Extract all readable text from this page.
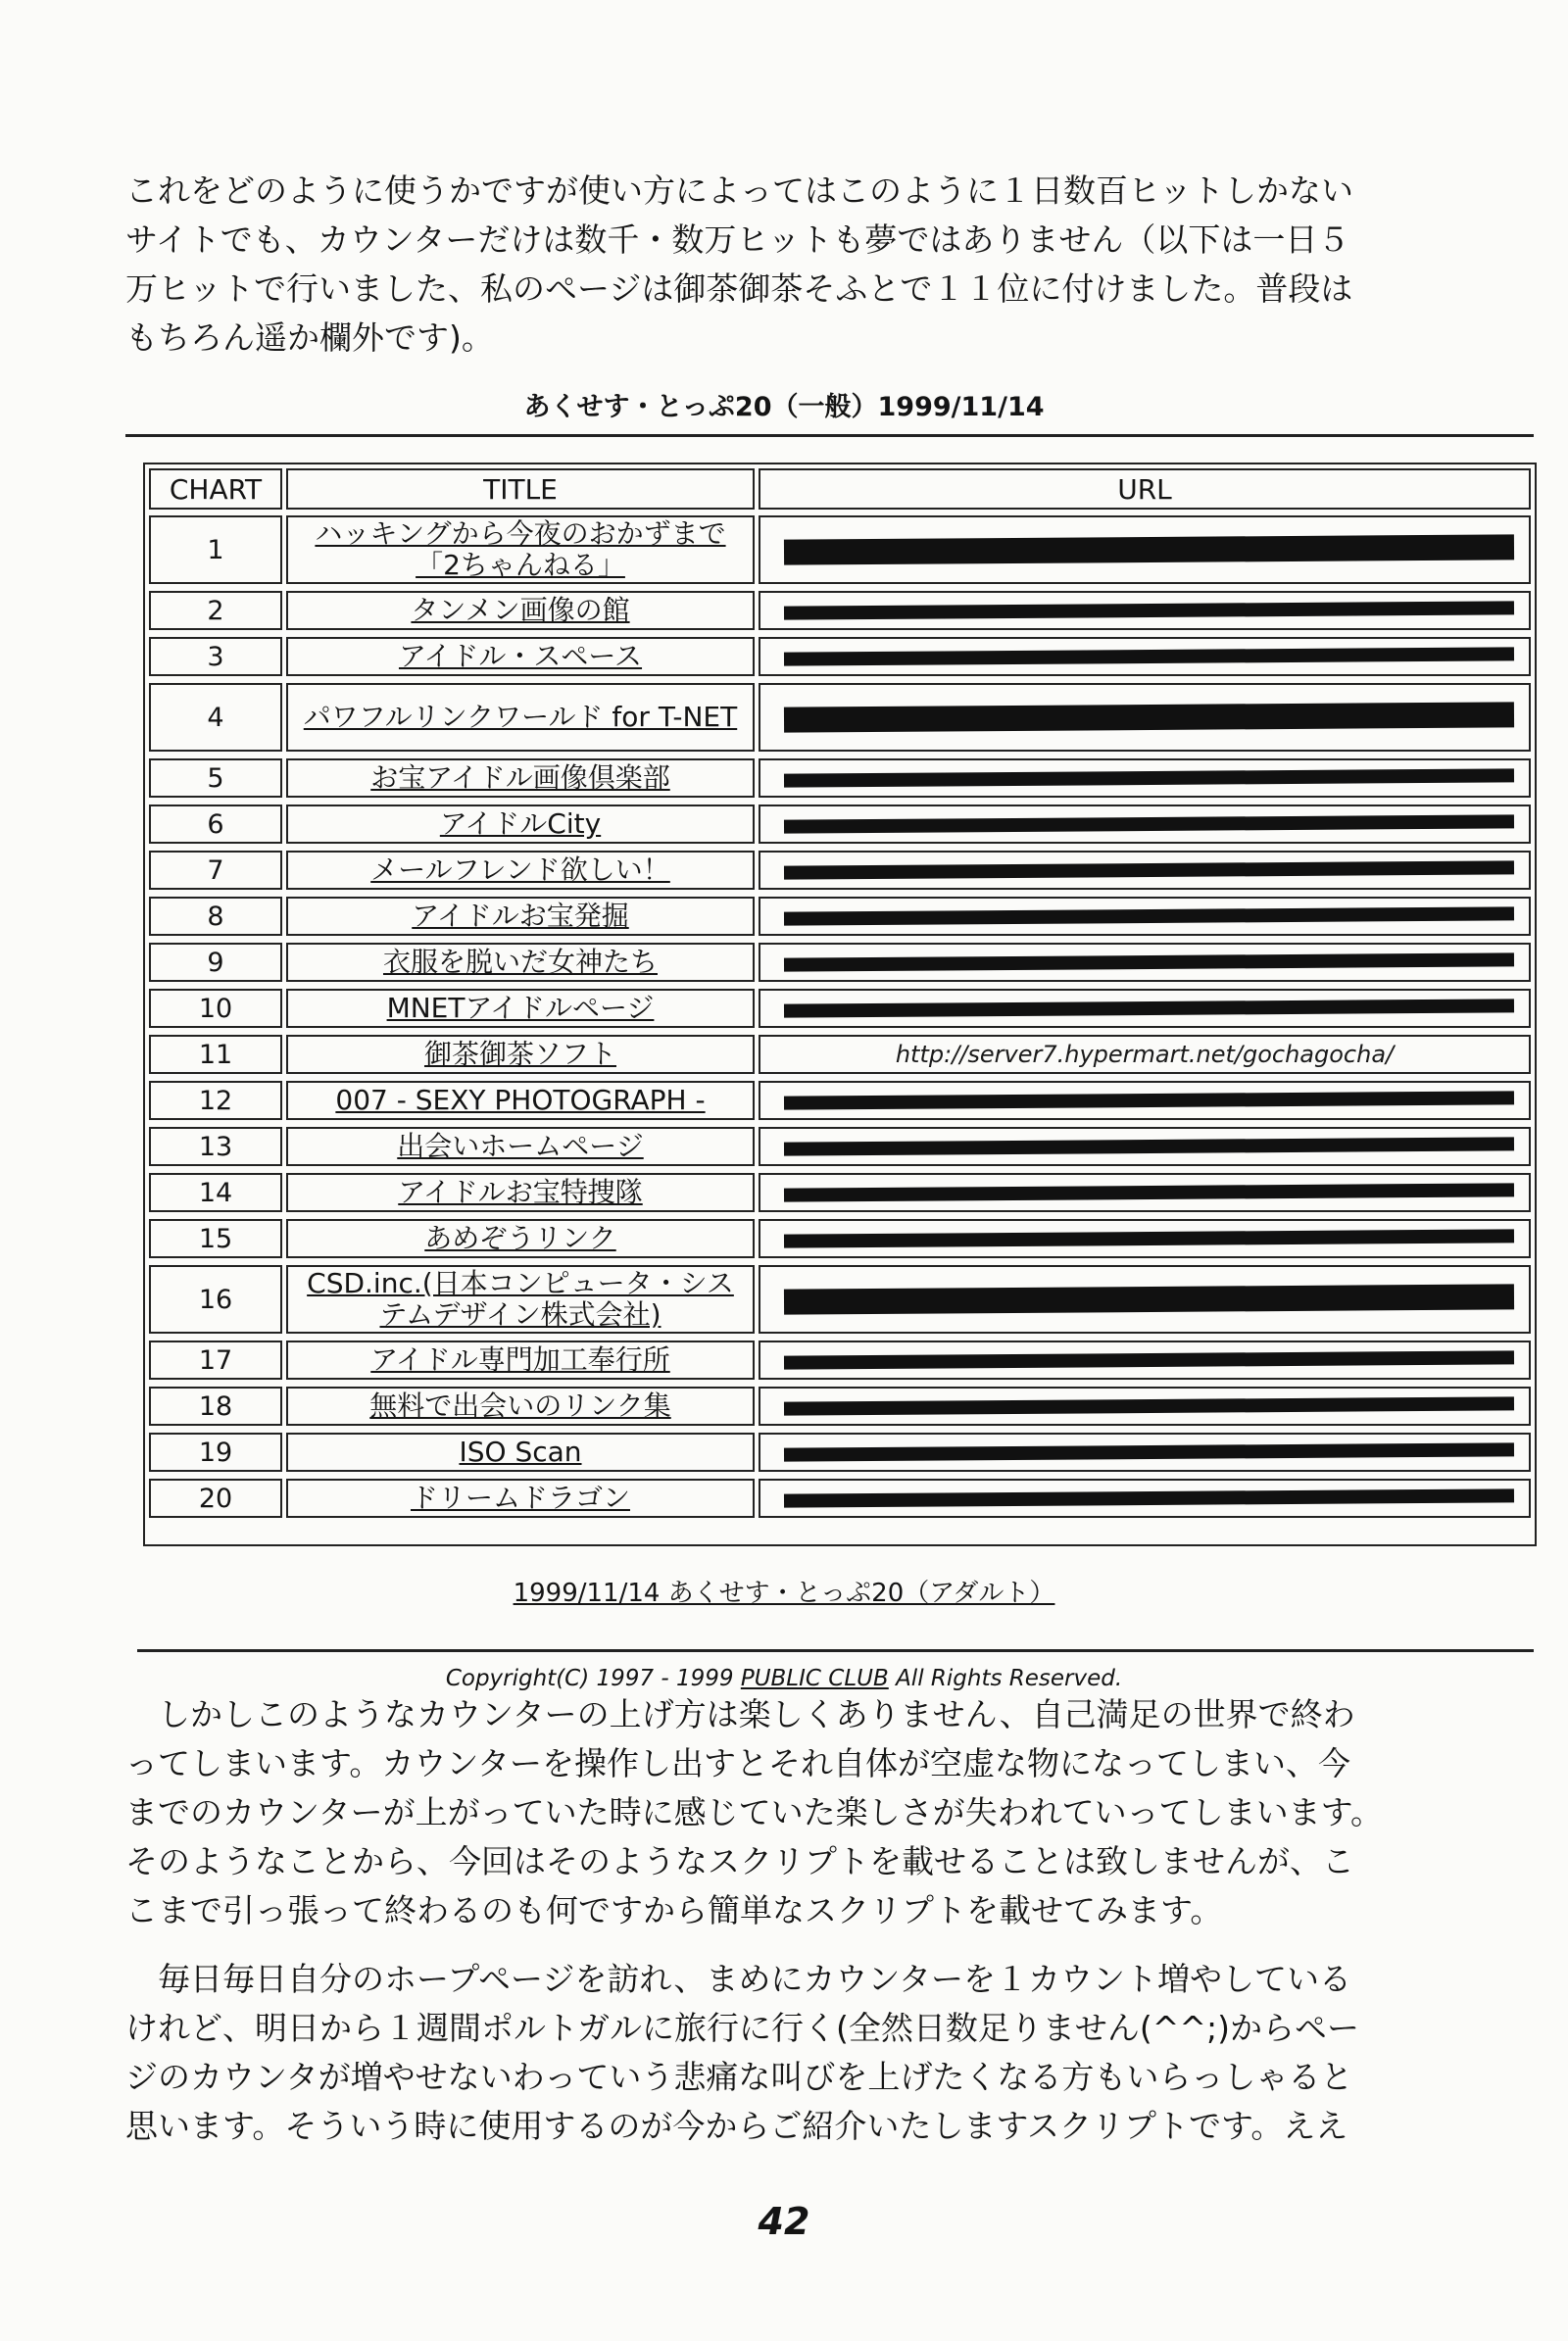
これをどのように使うかですが使い方によってはこのように１日数百ヒットしかない
サイトでも、カウンターだけは数千・数万ヒットも夢ではありません（以下は一日５
万ヒットで行いました、私のページは御茶御茶そふとで１１位に付けました。普段は
もちろん遥か欄外です)。
あくせす・とっぷ20（一般）1999/11/14
CHART	TITLE	URL
1	ハッキングから今夜のおかずまで「2ちゃんねる」
2	タンメン画像の館
3	アイドル・スペース
4	パワフルリンクワールド for T-NET
5	お宝アイドル画像倶楽部
6	アイドルCity
7	メールフレンド欲しい！
8	アイドルお宝発掘
9	衣服を脱いだ女神たち
10	MNETアイドルページ
11	御茶御茶ソフト	http://server7.hypermart.net/gochagocha/
12	007 - SEXY PHOTOGRAPH -
13	出会いホームページ
14	アイドルお宝特捜隊
15	あめぞうリンク
16	CSD.inc.(日本コンピュータ・システムデザイン株式会社)
17	アイドル専門加工奉行所
18	無料で出会いのリンク集
19	ISO Scan
20	ドリームドラゴン
1999/11/14 あくせす・とっぷ20（アダルト）
Copyright(C) 1997 - 1999 PUBLIC CLUB All Rights Reserved.
　しかしこのようなカウンターの上げ方は楽しくありません、自己満足の世界で終わ
ってしまいます。カウンターを操作し出すとそれ自体が空虚な物になってしまい、今
までのカウンターが上がっていた時に感じていた楽しさが失われていってしまいます。
そのようなことから、今回はそのようなスクリプトを載せることは致しませんが、こ
こまで引っ張って終わるのも何ですから簡単なスクリプトを載せてみます。
　毎日毎日自分のホープページを訪れ、まめにカウンターを１カウント増やしている
けれど、明日から１週間ポルトガルに旅行に行く(全然日数足りません(^^;)からペー
ジのカウンタが増やせないわっていう悲痛な叫びを上げたくなる方もいらっしゃると
思います。そういう時に使用するのが今からご紹介いたしますスクリプトです。ええ
42
